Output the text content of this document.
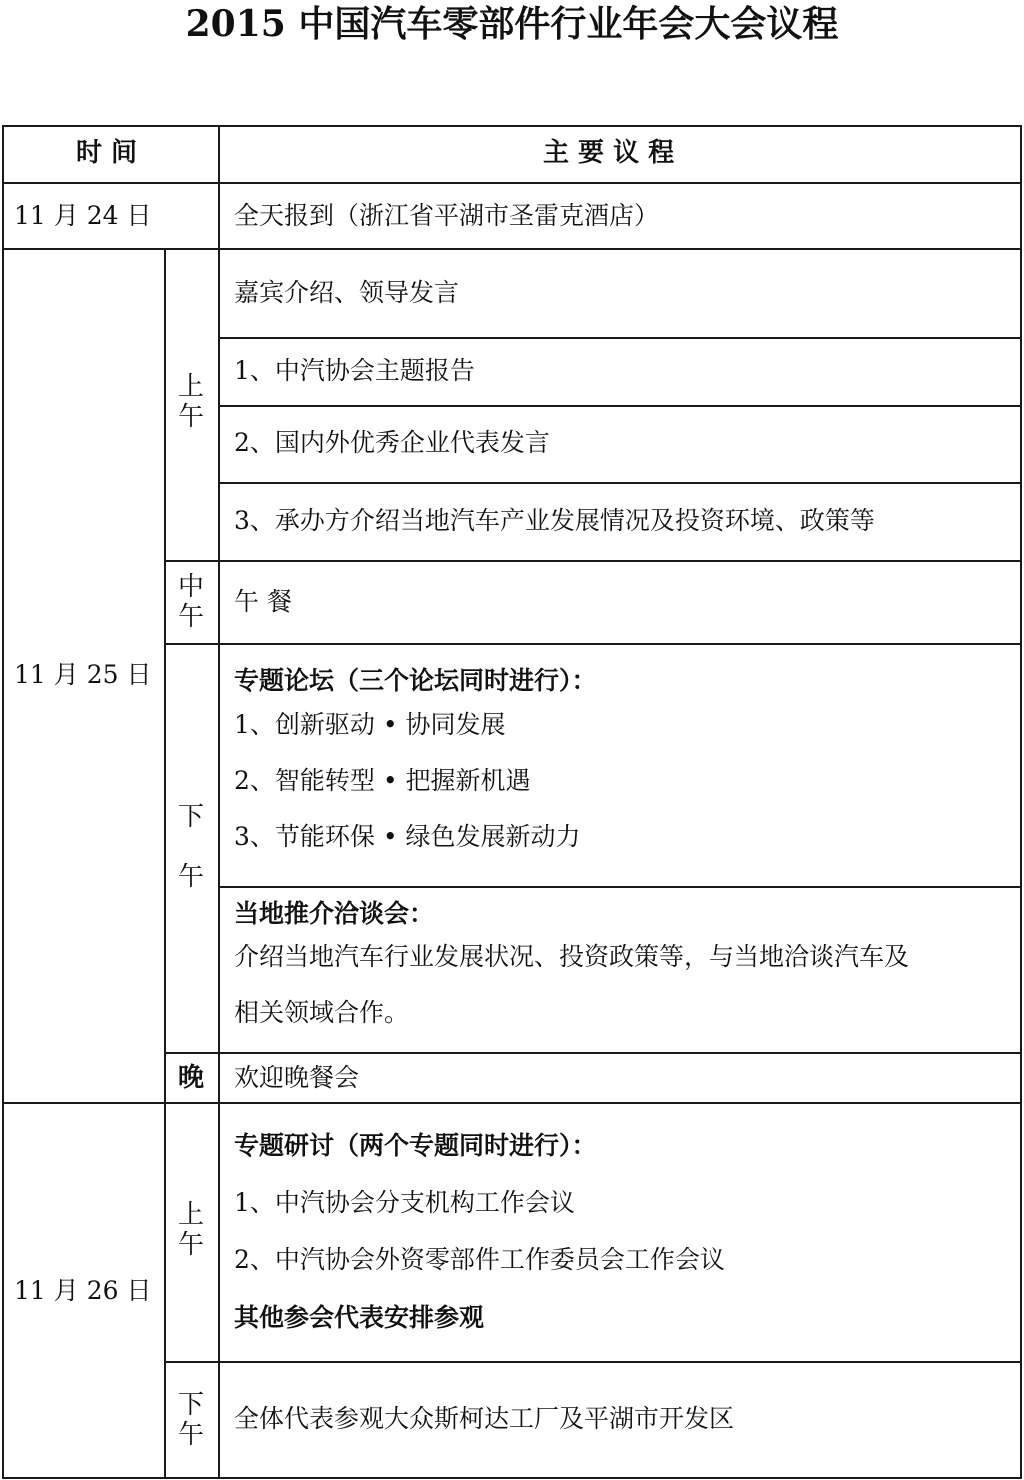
2015 中国汽车零部件行业年会大会议程
时 间	主 要 议 程
11 月 24 日	全天报到（浙江省平湖市圣雷克酒店）
11 月 25 日
上
午
嘉宾介绍、领导发言
1、中汽协会主题报告
2、国内外优秀企业代表发言
3、承办方介绍当地汽车产业发展情况及投资环境、政策等
中
午
午 餐
下

午
专题论坛（三个论坛同时进行）：
1、创新驱动 • 协同发展
2、智能转型 • 把握新机遇
3、节能环保 • 绿色发展新动力
当地推介洽谈会：
介绍当地汽车行业发展状况、投资政策等，与当地洽谈汽车及
相关领域合作。
晚 欢迎晚餐会
11 月 26 日
上
午
专题研讨（两个专题同时进行）：
1、中汽协会分支机构工作会议
2、中汽协会外资零部件工作委员会工作会议
其他参会代表安排参观
下
午
全体代表参观大众斯柯达工厂及平湖市开发区
